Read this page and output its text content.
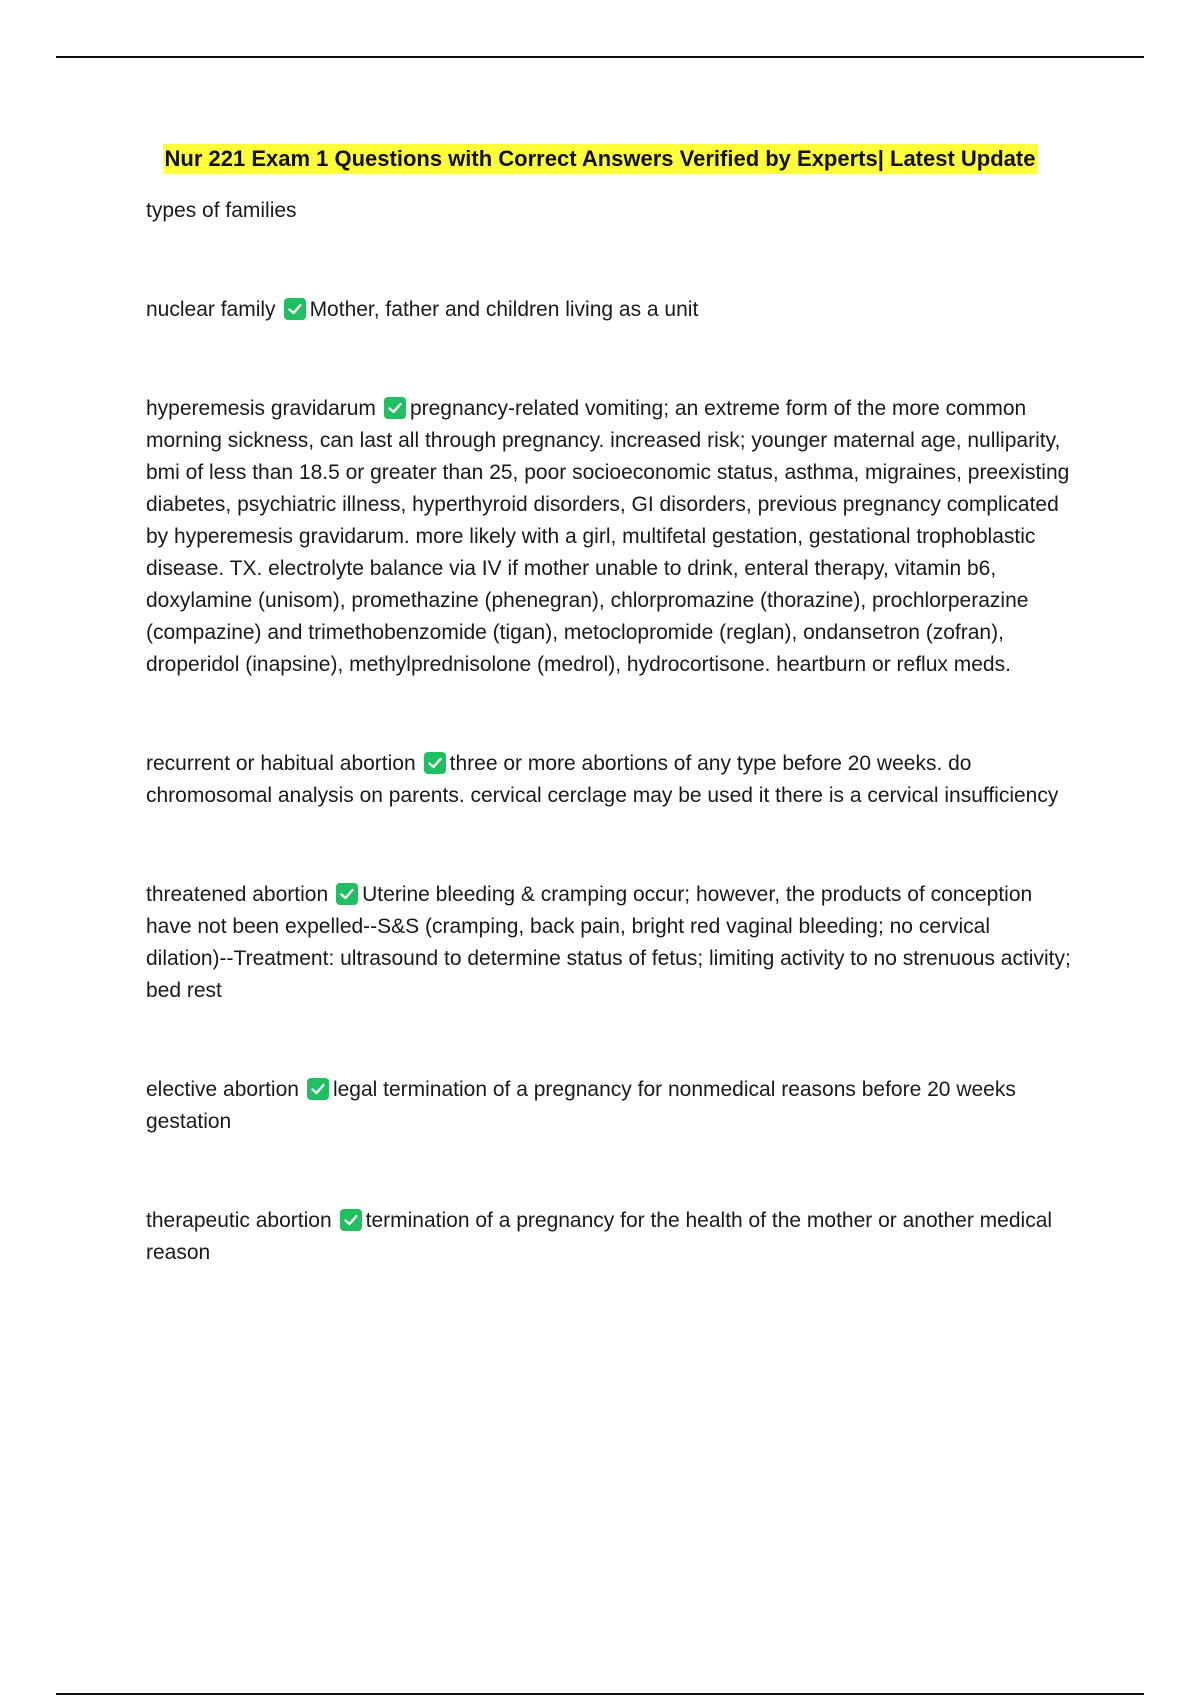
Nur 221 Exam 1 Questions with Correct Answers Verified by Experts| Latest Update

types of families

nuclear family Mother, father and children living as a unit

hyperemesis gravidarum pregnancy-related vomiting; an extreme form of the more common morning sickness, can last all through pregnancy. increased risk; younger maternal age, nulliparity, bmi of less than 18.5 or greater than 25, poor socioeconomic status, asthma, migraines, preexisting diabetes, psychiatric illness, hyperthyroid disorders, GI disorders, previous pregnancy complicated by hyperemesis gravidarum. more likely with a girl, multifetal gestation, gestational trophoblastic disease. TX. electrolyte balance via IV if mother unable to drink, enteral therapy, vitamin b6, doxylamine (unisom), promethazine (phenegran), chlorpromazine (thorazine), prochlorperazine (compazine) and trimethobenzomide (tigan), metoclopromide (reglan), ondansetron (zofran), droperidol (inapsine), methylprednisolone (medrol), hydrocortisone. heartburn or reflux meds.

recurrent or habitual abortion three or more abortions of any type before 20 weeks. do chromosomal analysis on parents. cervical cerclage may be used it there is a cervical insufficiency

threatened abortion Uterine bleeding & cramping occur; however, the products of conception have not been expelled--S&S (cramping, back pain, bright red vaginal bleeding; no cervical dilation)--Treatment: ultrasound to determine status of fetus; limiting activity to no strenuous activity; bed rest

elective abortion legal termination of a pregnancy for nonmedical reasons before 20 weeks gestation

therapeutic abortion termination of a pregnancy for the health of the mother or another medical reason
